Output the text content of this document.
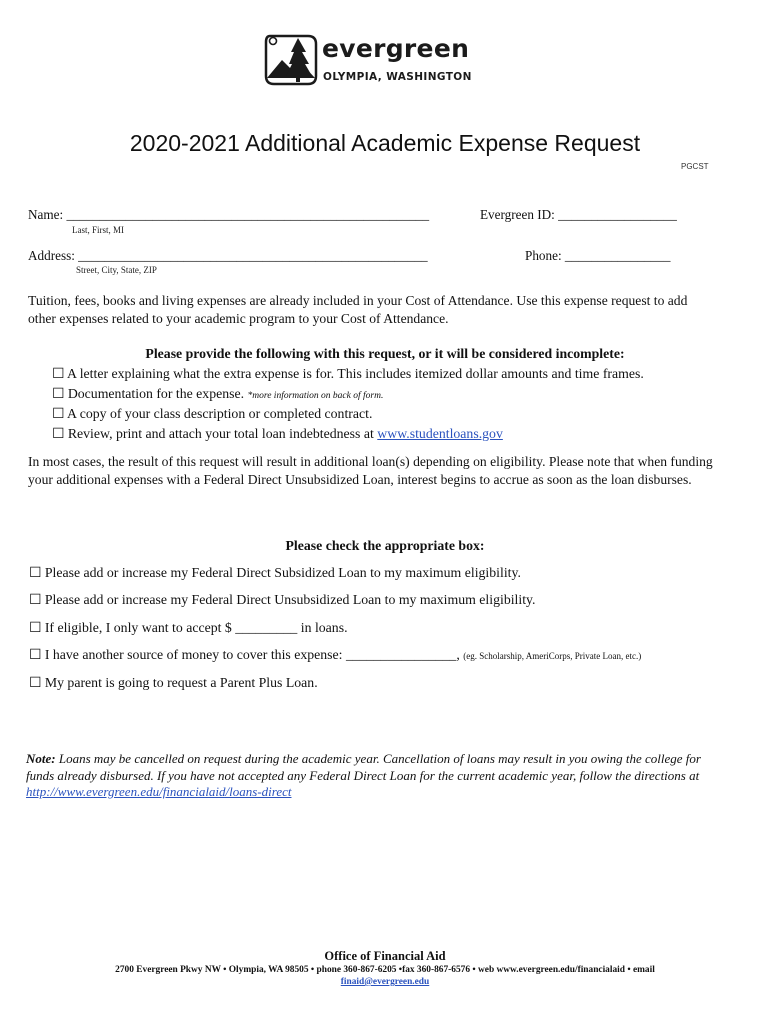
evergreen
OLYMPIA, WASHINGTON
2020-2021 Additional Academic Expense Request
PGCST
Name: _______________________________________________________
Last, First, MI
Evergreen ID: __________________
Address: _____________________________________________________
Street, City, State, ZIP
Phone: ________________
Tuition, fees, books and living expenses are already included in your Cost of Attendance. Use this expense request to add other expenses related to your academic program to your Cost of Attendance.
Please provide the following with this request, or it will be considered incomplete:
☐ A letter explaining what the extra expense is for. This includes itemized dollar amounts and time frames.
☐ Documentation for the expense. *more information on back of form.
☐ A copy of your class description or completed contract.
☐ Review, print and attach your total loan indebtedness at www.studentloans.gov
In most cases, the result of this request will result in additional loan(s) depending on eligibility. Please note that when funding your additional expenses with a Federal Direct Unsubsidized Loan, interest begins to accrue as soon as the loan disburses.
Please check the appropriate box:
☐ Please add or increase my Federal Direct Subsidized Loan to my maximum eligibility.
☐ Please add or increase my Federal Direct Unsubsidized Loan to my maximum eligibility.
☐ If eligible, I only want to accept $ _________ in loans.
☐ I have another source of money to cover this expense: ________________, (eg. Scholarship, AmeriCorps, Private Loan, etc.)
☐ My parent is going to request a Parent Plus Loan.
Note: Loans may be cancelled on request during the academic year. Cancellation of loans may result in you owing the college for funds already disbursed. If you have not accepted any Federal Direct Loan for the current academic year, follow the directions at http://www.evergreen.edu/financialaid/loans-direct
Office of Financial Aid
2700 Evergreen Pkwy NW • Olympia, WA 98505 • phone 360-867-6205 •fax 360-867-6576 • web www.evergreen.edu/financialaid • email
finaid@evergreen.edu
